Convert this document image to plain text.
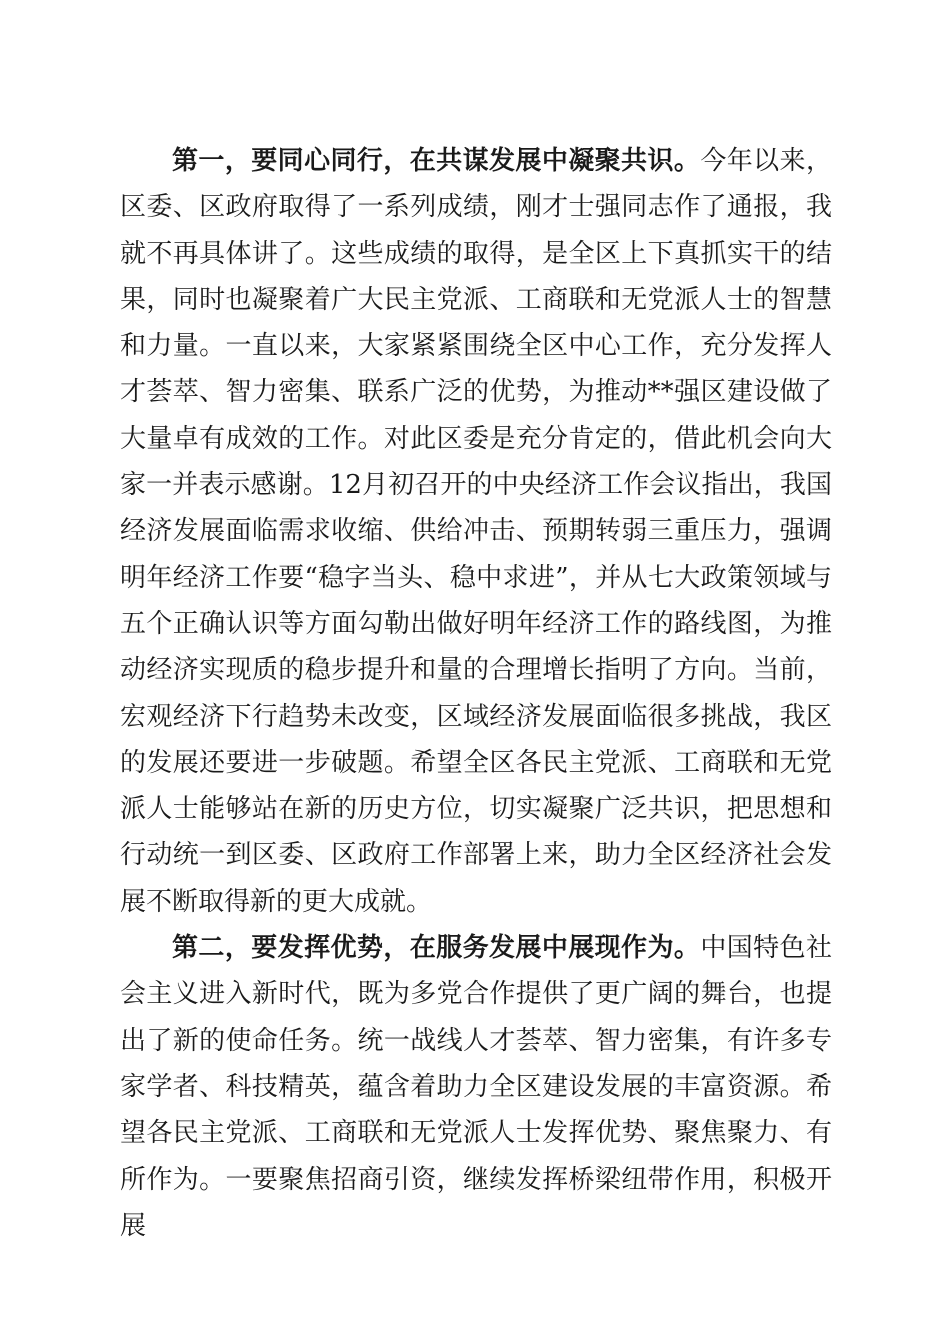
第一，要同心同行，在共谋发展中凝聚共识。今年以来，区委、区政府取得了一系列成绩，刚才士强同志作了通报，我就不再具体讲了。这些成绩的取得，是全区上下真抓实干的结果，同时也凝聚着广大民主党派、工商联和无党派人士的智慧和力量。一直以来，大家紧紧围绕全区中心工作，充分发挥人才荟萃、智力密集、联系广泛的优势，为推动**强区建设做了大量卓有成效的工作。对此区委是充分肯定的，借此机会向大家一并表示感谢。12月初召开的中央经济工作会议指出，我国经济发展面临需求收缩、供给冲击、预期转弱三重压力，强调明年经济工作要“稳字当头、稳中求进”，并从七大政策领域与五个正确认识等方面勾勒出做好明年经济工作的路线图，为推动经济实现质的稳步提升和量的合理增长指明了方向。当前，宏观经济下行趋势未改变，区域经济发展面临很多挑战，我区的发展还要进一步破题。希望全区各民主党派、工商联和无党派人士能够站在新的历史方位，切实凝聚广泛共识，把思想和行动统一到区委、区政府工作部署上来，助力全区经济社会发展不断取得新的更大成就。

第二，要发挥优势，在服务发展中展现作为。中国特色社会主义进入新时代，既为多党合作提供了更广阔的舞台，也提出了新的使命任务。统一战线人才荟萃、智力密集，有许多专家学者、科技精英，蕴含着助力全区建设发展的丰富资源。希望各民主党派、工商联和无党派人士发挥优势、聚焦聚力、有所作为。一要聚焦招商引资，继续发挥桥梁纽带作用，积极开展
